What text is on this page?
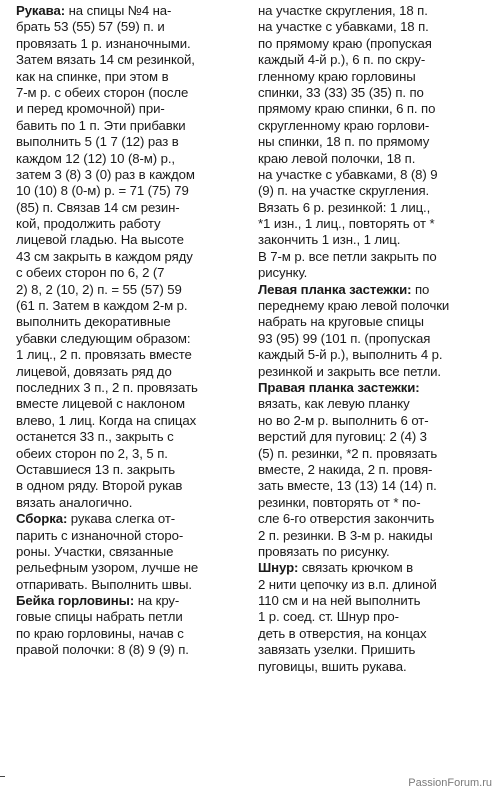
Рукава: на спицы №4 на-
брать 53 (55) 57 (59) п. и
провязать 1 р. изнаночными.
Затем вязать 14 см резинкой,
как на спинке, при этом в
7-м р. с обеих сторон (после
и перед кромочной) при-
бавить по 1 п. Эти прибавки
выполнить 5 (1 7 (12) раз в
каждом 12 (12) 10 (8-м) р.,
затем 3 (8) 3 (0) раз в каждом
10 (10) 8 (0-м) р. = 71 (75) 79
(85) п. Связав 14 см резин-
кой, продолжить работу
лицевой гладью. На высоте
43 см закрыть в каждом ряду
с обеих сторон по 6, 2 (7
2) 8, 2 (10, 2) п. = 55 (57) 59
(61 п. Затем в каждом 2-м р.
выполнить декоративные
убавки следующим образом:
1 лиц., 2 п. провязать вместе
лицевой, довязать ряд до
последних 3 п., 2 п. провязать
вместе лицевой с наклоном
влево, 1 лиц. Когда на спицах
останется 33 п., закрыть с
обеих сторон по 2, 3, 5 п.
Оставшиеся 13 п. закрыть
в одном ряду. Второй рукав
вязать аналогично.
Сборка: рукава слегка от-
парить с изнаночной сторо-
роны. Участки, связанные
рельефным узором, лучше не
отпаривать. Выполнить швы.
Бейка горловины: на кру-
говые спицы набрать петли
по краю горловины, начав с
правой полочки: 8 (8) 9 (9) п.
на участке скругления, 18 п.
на участке с убавками, 18 п.
по прямому краю (пропуская
каждый 4-й р.), 6 п. по скру-
гленному краю горловины
спинки, 33 (33) 35 (35) п. по
прямому краю спинки, 6 п. по
скругленному краю горлови-
ны спинки, 18 п. по прямому
краю левой полочки, 18 п.
на участке с убавками, 8 (8) 9
(9) п. на участке скругления.
Вязать 6 р. резинкой: 1 лиц.,
*1 изн., 1 лиц., повторять от *
закончить 1 изн., 1 лиц.
В 7-м р. все петли закрыть по
рисунку.
Левая планка застежки: по
переднему краю левой полочки
набрать на круговые спицы
93 (95) 99 (101 п. (пропуская
каждый 5-й р.), выполнить 4 р.
резинкой и закрыть все петли.
Правая планка застежки:
вязать, как левую планку
но во 2-м р. выполнить 6 от-
верстий для пуговиц: 2 (4) 3
(5) п. резинки, *2 п. провязать
вместе, 2 накида, 2 п. провя-
зать вместе, 13 (13) 14 (14) п.
резинки, повторять от * по-
сле 6-го отверстия закончить
2 п. резинки. В 3-м р. накиды
провязать по рисунку.
Шнур: связать крючком в
2 нити цепочку из в.п. длиной
110 см и на ней выполнить
1 р. соед. ст. Шнур про-
деть в отверстия, на концах
завязать узелки. Пришить
пуговицы, вшить рукава.
PassionForum.ru
